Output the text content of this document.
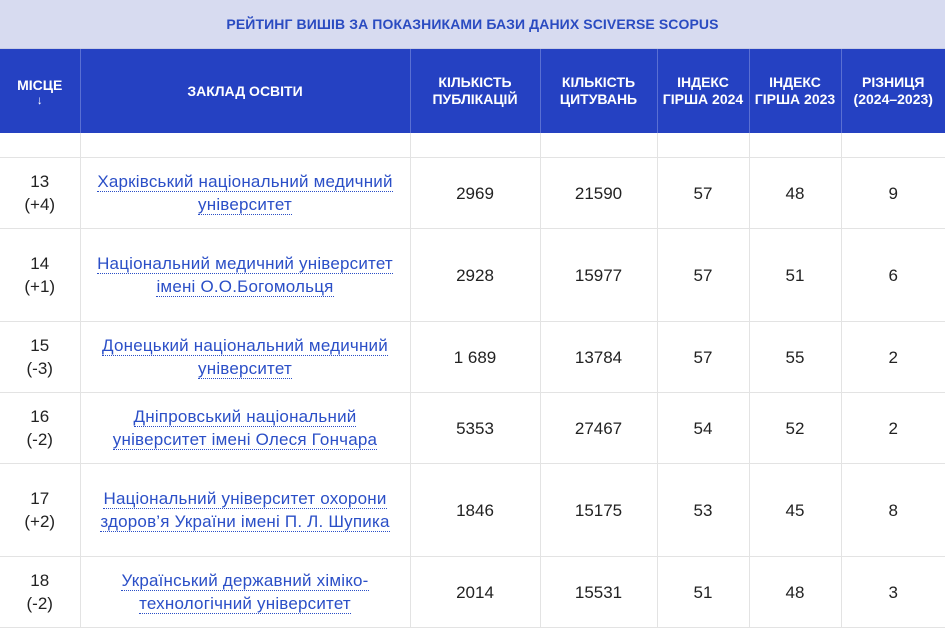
РЕЙТИНГ ВИШІВ ЗА ПОКАЗНИКАМИ БАЗИ ДАНИХ SCIVERSE SCOPUS
МІСЦЕ
↓	ЗАКЛАД ОСВІТИ	КІЛЬКІСТЬ ПУБЛІКАЦІЙ	КІЛЬКІСТЬ ЦИТУВАНЬ	ІНДЕКС ГІРША 2024	ІНДЕКС ГІРША 2023	РІЗНИЦЯ (2024–2023)

13
(+4)	Харківський національний медичний університет	2969	21590	57	48	9

14
(+1)	Національний медичний університет імені О.О.Богомольця	2928	15977	57	51	6

15
(-3)	Донецький національний медичний університет	1 689	13784	57	55	2

16
(-2)	Дніпровський національний університет імені Олеся Гончара	5353	27467	54	52	2

17
(+2)	Національний університет охорони здоров’я України імені П. Л. Шупика	1846	15175	53	45	8

18
(-2)	Український державний хіміко-технологічний університет	2014	15531	51	48	3
